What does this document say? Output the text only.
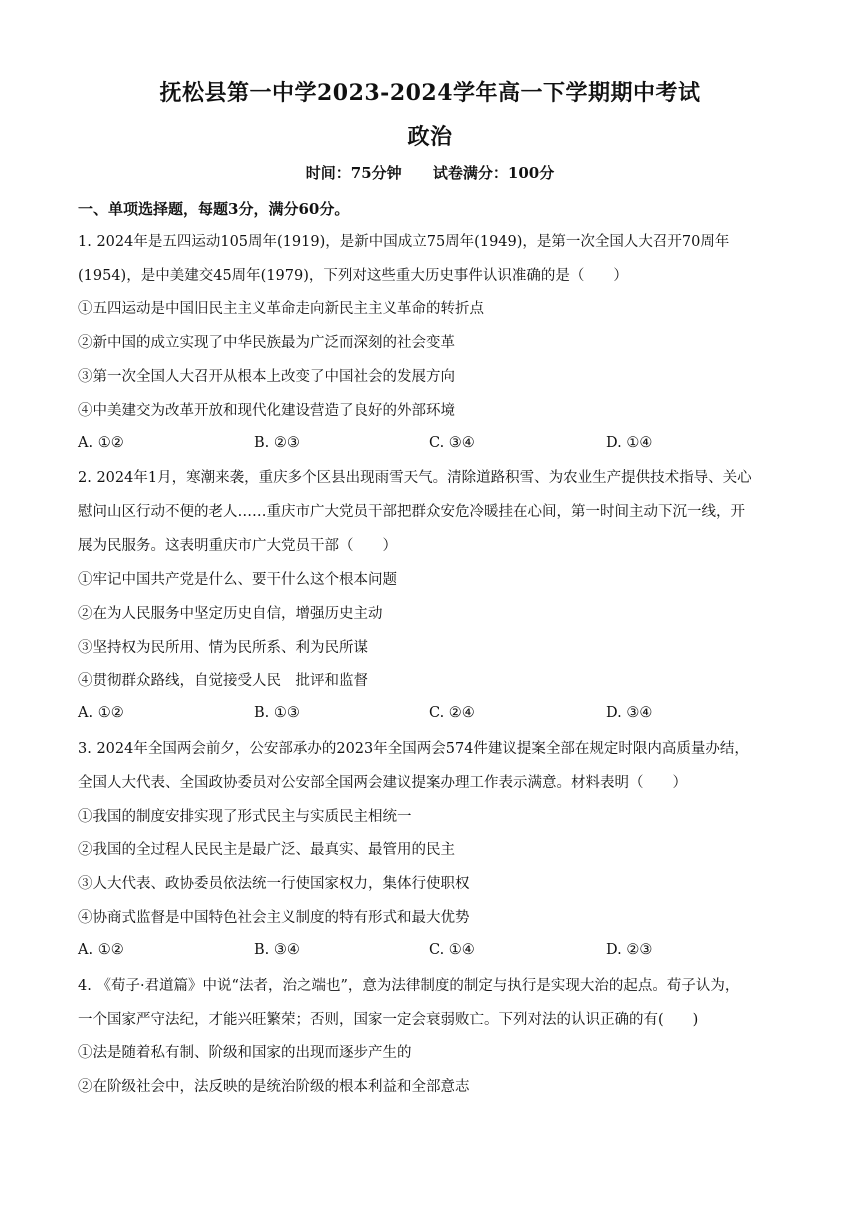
抚松县第一中学2023-2024学年高一下学期期中考试
政治
时间：75分钟 试卷满分：100分
一、单项选择题，每题3分，满分60分。
1. 2024年是五四运动105周年(1919)，是新中国成立75周年(1949)，是第一次全国人大召开70周年
(1954)，是中美建交45周年(1979)，下列对这些重大历史事件认识准确的是（　　）
①五四运动是中国旧民主主义革命走向新民主主义革命的转折点
②新中国的成立实现了中华民族最为广泛而深刻的社会变革
③第一次全国人大召开从根本上改变了中国社会的发展方向
④中美建交为改革开放和现代化建设营造了良好的外部环境
A. ①②	B. ②③	C. ③④	D. ①④
2. 2024年1月，寒潮来袭，重庆多个区县出现雨雪天气。清除道路积雪、为农业生产提供技术指导、关心
慰问山区行动不便的老人……重庆市广大党员干部把群众安危冷暖挂在心间，第一时间主动下沉一线，开
展为民服务。这表明重庆市广大党员干部（　　）
①牢记中国共产党是什么、要干什么这个根本问题
②在为人民服务中坚定历史自信，增强历史主动
③坚持权为民所用、情为民所系、利为民所谋
④贯彻群众路线，自觉接受人民　批评和监督
A. ①②	B. ①③	C. ②④	D. ③④
3. 2024年全国两会前夕，公安部承办的2023年全国两会574件建议提案全部在规定时限内高质量办结，
全国人大代表、全国政协委员对公安部全国两会建议提案办理工作表示满意。材料表明（　　）
①我国的制度安排实现了形式民主与实质民主相统一
②我国的全过程人民民主是最广泛、最真实、最管用的民主
③人大代表、政协委员依法统一行使国家权力，集体行使职权
④协商式监督是中国特色社会主义制度的特有形式和最大优势
A. ①②	B. ③④	C. ①④	D. ②③
4. 《荀子·君道篇》中说“法者，治之端也”，意为法律制度的制定与执行是实现大治的起点。荀子认为，
一个国家严守法纪，才能兴旺繁荣；否则，国家一定会衰弱败亡。下列对法的认识正确的有(　　)
①法是随着私有制、阶级和国家的出现而逐步产生的
②在阶级社会中，法反映的是统治阶级的根本利益和全部意志
